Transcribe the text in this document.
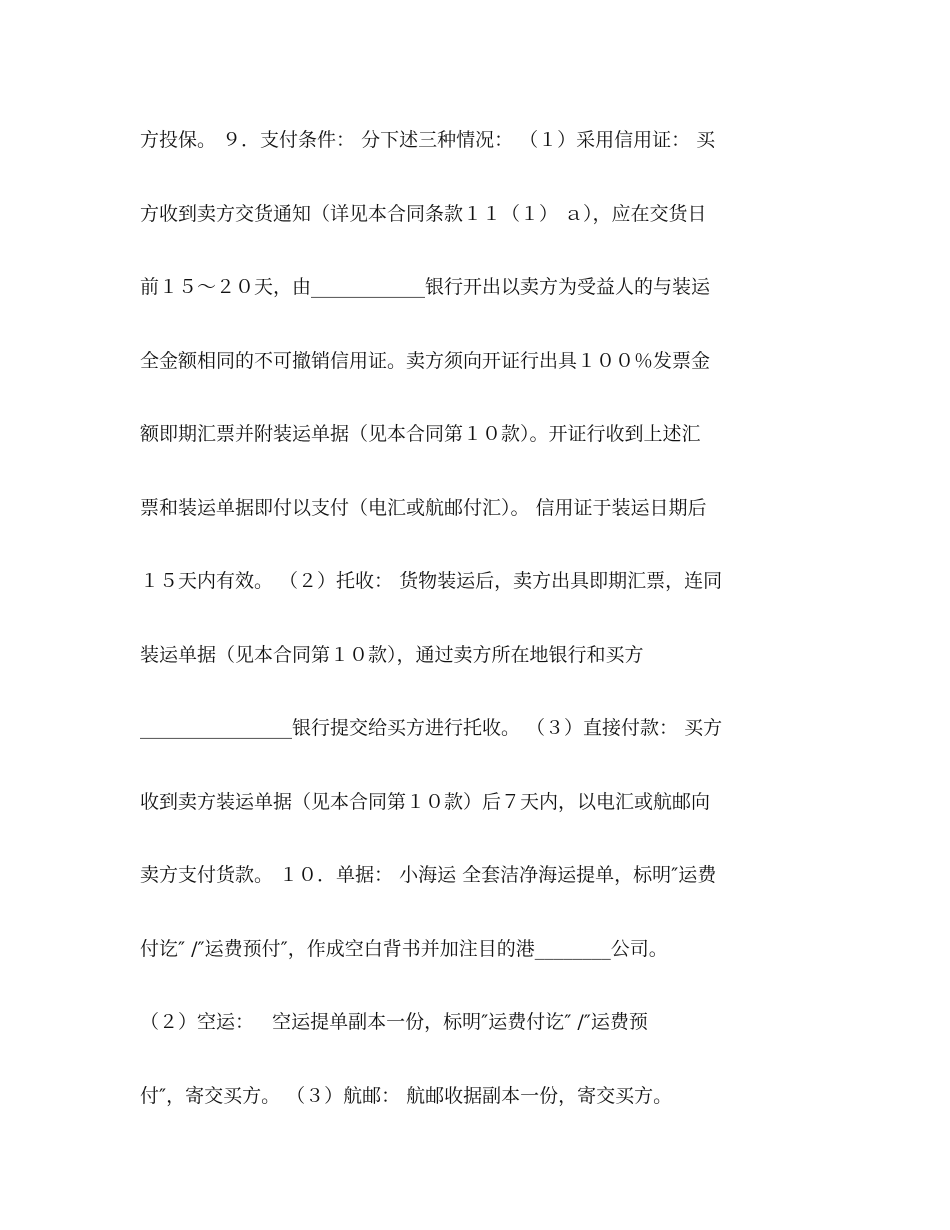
方投保。 ９．支付条件： 分下述三种情况： （１）采用信用证： 买
方收到卖方交货通知（详见本合同条款１１（１） ａ），应在交货日
前１５～２０天，由____________银行开出以卖方为受益人的与装运
全金额相同的不可撤销信用证。卖方须向开证行出具１００％发票金
额即期汇票并附装运单据（见本合同第１０款）。开证行收到上述汇
票和装运单据即付以支付（电汇或航邮付汇）。 信用证于装运日期后
１５天内有效。 （２）托收： 货物装运后，卖方出具即期汇票，连同
装运单据（见本合同第１０款），通过卖方所在地银行和买方
________________银行提交给买方进行托收。 （３）直接付款： 买方
收到卖方装运单据（见本合同第１０款）后７天内，以电汇或航邮向
卖方支付货款。 １０．单据： 小海运 全套洁净海运提单，标明″运费
付讫″ /″运费预付″，作成空白背书并加注目的港________公司。
（２）空运：   空运提单副本一份，标明″运费付讫″ /″运费预
付″，寄交买方。 （３）航邮： 航邮收据副本一份，寄交买方。
